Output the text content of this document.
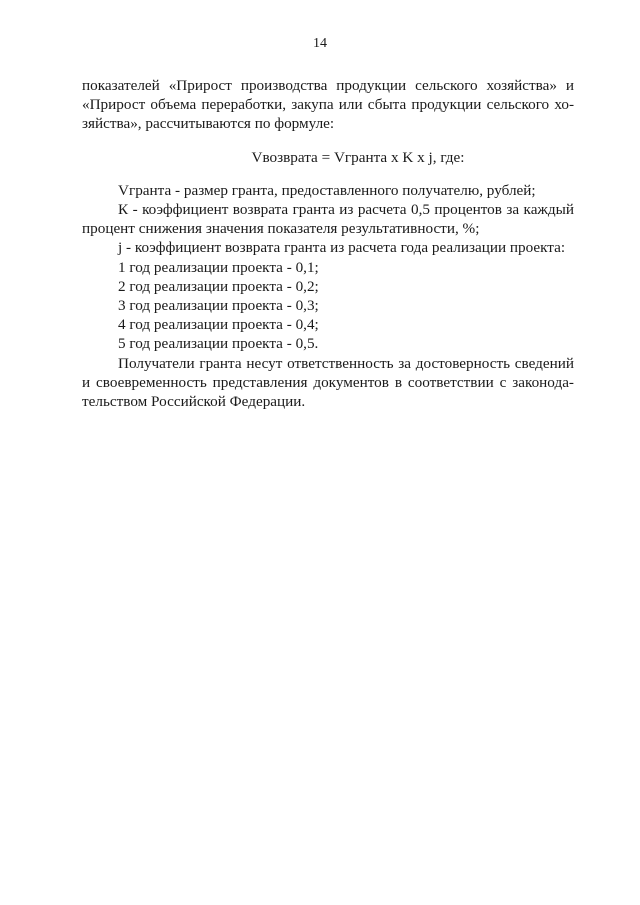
14

показателей «Прирост производства продукции сельского хозяйства» и
«Прирост объема переработки, закупа или сбыта продукции сельского хо-
зяйства», рассчитываются по формуле:

Vвозврата = Vгранта x K x j, где:

Vгранта - размер гранта, предоставленного получателю, рублей;
К - коэффициент возврата гранта из расчета 0,5 процентов за каждый
процент снижения значения показателя результативности, %;
j - коэффициент возврата гранта из расчета года реализации проекта:
1 год реализации проекта - 0,1;
2 год реализации проекта - 0,2;
3 год реализации проекта - 0,3;
4 год реализации проекта - 0,4;
5 год реализации проекта - 0,5.

Получатели гранта несут ответственность за достоверность сведений
и своевременность представления документов в соответствии с законода-
тельством Российской Федерации.
